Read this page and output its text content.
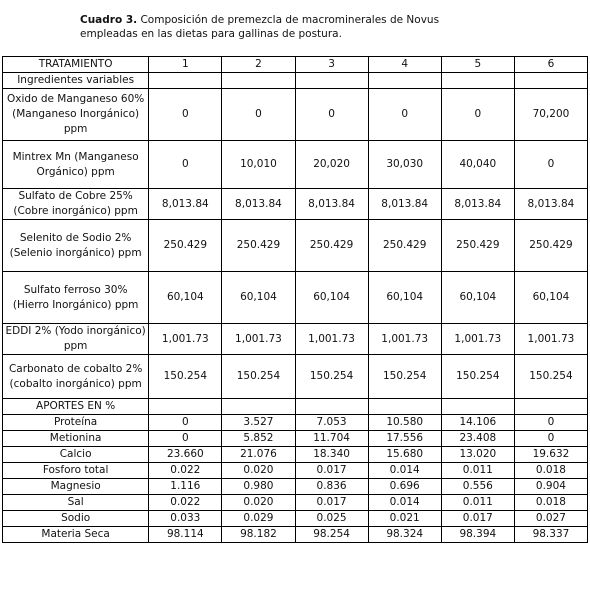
Cuadro 3. Composición de premezcla de macrominerales de Novus empleadas en las dietas para gallinas de postura.
TRATAMIENTO	1	2	3	4	5	6
Ingredientes variables						
Oxido de Manganeso 60% (Manganeso Inorgánico) ppm	0	0	0	0	0	70,200
Mintrex Mn (Manganeso Orgánico) ppm	0	10,010	20,020	30,030	40,040	0
Sulfato de Cobre 25% (Cobre inorgánico) ppm	8,013.84	8,013.84	8,013.84	8,013.84	8,013.84	8,013.84
Selenito de Sodio 2% (Selenio inorgánico) ppm	250.429	250.429	250.429	250.429	250.429	250.429
Sulfato ferroso 30% (Hierro Inorgánico) ppm	60,104	60,104	60,104	60,104	60,104	60,104
EDDI 2% (Yodo inorgánico) ppm	1,001.73	1,001.73	1,001.73	1,001.73	1,001.73	1,001.73
Carbonato de cobalto 2% (cobalto inorgánico) ppm	150.254	150.254	150.254	150.254	150.254	150.254
APORTES EN %						
Proteína	0	3.527	7.053	10.580	14.106	0
Metionina	0	5.852	11.704	17.556	23.408	0
Calcio	23.660	21.076	18.340	15.680	13.020	19.632
Fosforo total	0.022	0.020	0.017	0.014	0.011	0.018
Magnesio	1.116	0.980	0.836	0.696	0.556	0.904
Sal	0.022	0.020	0.017	0.014	0.011	0.018
Sodio	0.033	0.029	0.025	0.021	0.017	0.027
Materia Seca	98.114	98.182	98.254	98.324	98.394	98.337
